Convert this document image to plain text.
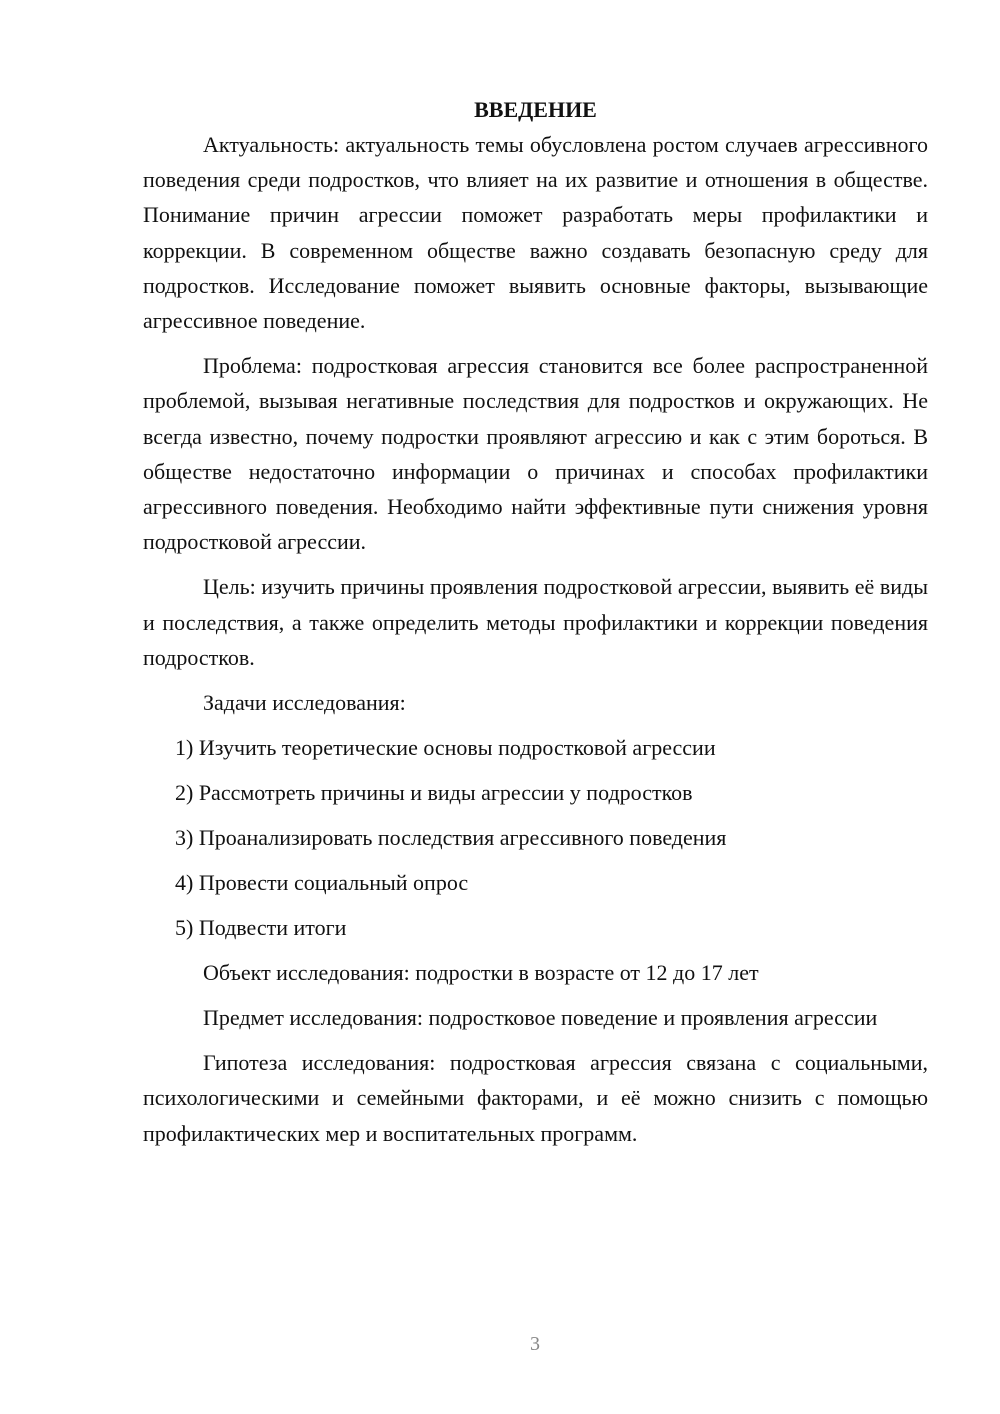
ВВЕДЕНИЕ

Актуальность: актуальность темы обусловлена ростом случаев агрессивного поведения среди подростков, что влияет на их развитие и отношения в обществе. Понимание причин агрессии поможет разработать меры профилактики и коррекции. В современном обществе важно создавать безопасную среду для подростков. Исследование поможет выявить основные факторы, вызывающие агрессивное поведение.

Проблема: подростковая агрессия становится все более распространенной проблемой, вызывая негативные последствия для подростков и окружающих. Не всегда известно, почему подростки проявляют агрессию и как с этим бороться. В обществе недостаточно информации о причинах и способах профилактики агрессивного поведения. Необходимо найти эффективные пути снижения уровня подростковой агрессии.

Цель: изучить причины проявления подростковой агрессии, выявить её виды и последствия, а также определить методы профилактики и коррекции поведения подростков.

Задачи исследования:
1) Изучить теоретические основы подростковой агрессии
2) Рассмотреть причины и виды агрессии у подростков
3) Проанализировать последствия агрессивного поведения
4) Провести социальный опрос
5) Подвести итоги
Объект исследования: подростки в возрасте от 12 до 17 лет

Предмет исследования: подростковое поведение и проявления агрессии

Гипотеза исследования: подростковая агрессия связана с социальными, психологическими и семейными факторами, и её можно снизить с помощью профилактических мер и воспитательных программ.

3
